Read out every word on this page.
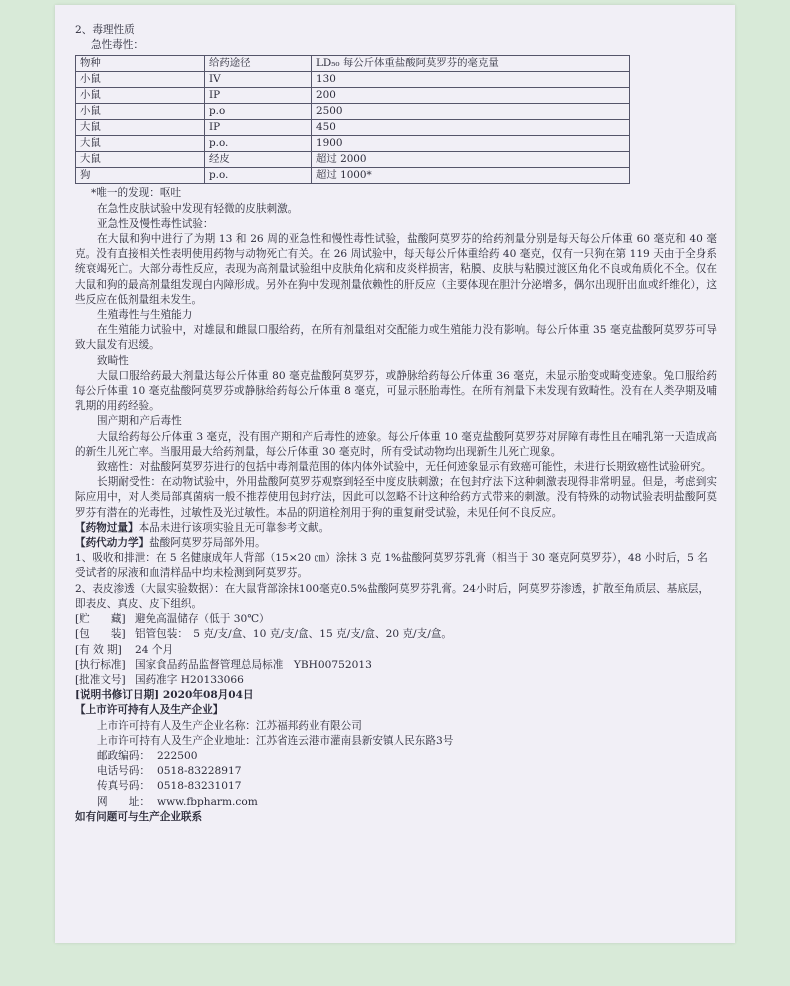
2、毒理性质

急性毒性：

物种	给药途径	LD₅₀ 每公斤体重盐酸阿莫罗芬的毫克量
小鼠	IV	130
小鼠	IP	200
小鼠	p.o	2500
大鼠	IP	450
大鼠	p.o.	1900
大鼠	经皮	超过 2000
狗	p.o.	超过 1000*

*唯一的发现：呕吐

在急性皮肤试验中发现有轻微的皮肤刺激。

亚急性及慢性毒性试验：

在大鼠和狗中进行了为期 13 和 26 周的亚急性和慢性毒性试验，盐酸阿莫罗芬的给药剂量分别是每天每公斤体重 60 毫克和 40 毫克。没有直接相关性表明使用药物与动物死亡有关。在 26 周试验中，每天每公斤体重给药 40 毫克，仅有一只狗在第 119 天由于全身系统衰竭死亡。大部分毒性反应，表现为高剂量试验组中皮肤角化病和皮炎样损害，粘膜、皮肤与粘膜过渡区角化不良或角质化不全。仅在大鼠和狗的最高剂量组发现白内障形成。另外在狗中发现剂量依赖性的肝反应（主要体现在胆汁分泌增多，偶尔出现肝出血或纤维化），这些反应在低剂量组未发生。

生殖毒性与生殖能力

在生殖能力试验中，对雄鼠和雌鼠口服给药，在所有剂量组对交配能力或生殖能力没有影响。每公斤体重 35 毫克盐酸阿莫罗芬可导致大鼠发有迟缓。

致畸性

大鼠口服给药最大剂量达每公斤体重 80 毫克盐酸阿莫罗芬，或静脉给药每公斤体重 36 毫克，未显示胎变或畸变迹象。兔口服给药每公斤体重 10 毫克盐酸阿莫罗芬或静脉给药每公斤体重 8 毫克，可显示胚胎毒性。在所有剂量下未发现有致畸性。没有在人类孕期及哺乳期的用药经验。

围产期和产后毒性

大鼠给药每公斤体重 3 毫克，没有围产期和产后毒性的迹象。每公斤体重 10 毫克盐酸阿莫罗芬对屏障有毒性且在哺乳第一天造成高的新生儿死亡率。当服用最大给药剂量，每公斤体重 30 毫克时，所有受试动物均出现新生儿死亡现象。

致癌性：对盐酸阿莫罗芬进行的包括中毒剂量范围的体内体外试验中，无任何迹象显示有致癌可能性，未进行长期致癌性试验研究。

长期耐受性：在动物试验中，外用盐酸阿莫罗芬观察到轻至中度皮肤刺激；在包封疗法下这种刺激表现得非常明显。但是，考虑到实际应用中，对人类局部真菌病一般不推荐使用包封疗法，因此可以忽略不计这种给药方式带来的刺激。没有特殊的动物试验表明盐酸阿莫罗芬有潜在的光毒性，过敏性及光过敏性。本品的阴道栓剂用于狗的重复耐受试验，未见任何不良反应。

【药物过量】本品未进行该项实验且无可靠参考文献。

【药代动力学】盐酸阿莫罗芬局部外用。

1、吸收和排泄：在 5 名健康成年人背部（15×20 ㎝）涂抹 3 克 1%盐酸阿莫罗芬乳膏（相当于 30 毫克阿莫罗芬），48 小时后，5 名受试者的尿液和血清样品中均未检测到阿莫罗芬。

2、表皮渗透（大鼠实验数据）：在大鼠背部涂抹100毫克0.5%盐酸阿莫罗芬乳膏。24小时后，阿莫罗芬渗透，扩散至角质层、基底层，即表皮、真皮、皮下组织。

[贮　　藏] 避免高温储存（低于 30℃）

[包　　装] 铝管包装：　5 克/支/盒、10 克/支/盒、15 克/支/盒、20 克/支/盒。

[有 效 期] 24 个月

[执行标准] 国家食品药品监督管理总局标准　YBH00752013

[批准文号] 国药准字 H20133066

[说明书修订日期] 2020年08月04日

【上市许可持有人及生产企业】

上市许可持有人及生产企业名称：江苏福邦药业有限公司

上市许可持有人及生产企业地址：江苏省连云港市灌南县新安镇人民东路3号

邮政编码： 222500

电话号码： 0518-83228917

传真号码： 0518-83231017

网　　址： www.fbpharm.com

如有问题可与生产企业联系
